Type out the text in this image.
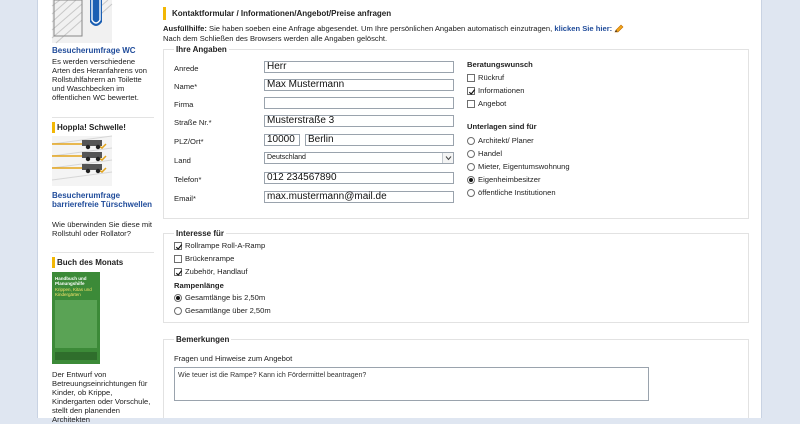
Besucherumfrage WC
Es werden verschiedene Arten des Heranfahrens von Rollstuhlfahrern an Toilette und Waschbecken im öffentlichen WC bewertet.
Hoppla! Schwelle!
Besucherumfrage barrierefreie Türschwellen
Wie überwinden Sie diese mit Rollstuhl oder Rollator?
Buch des Monats
Handbuch und Planungshilfe
Krippen, Kitas und Kindergärten
Der Entwurf von Betreuungseinrichtungen für Kinder, ob Krippe, Kindergarten oder Vorschule, stellt den planenden Architekten
Kontaktformular / Informationen/Angebot/Preise anfragen
Ausfüllhilfe: Sie haben soeben eine Anfrage abgesendet. Um Ihre persönlichen Angaben automatisch einzutragen, klicken Sie hier:
Nach dem Schließen des Browsers werden alle Angaben gelöscht.
Ihre Angaben
Anrede	Herr
Name*	Max Mustermann
Firma
Straße Nr.*	Musterstraße 3
PLZ/Ort*	10000	Berlin
Land	Deutschland
Telefon*	012 234567890
Email*	max.mustermann@mail.de
Beratungswunsch
Rückruf
Informationen
Angebot
Unterlagen sind für
Architekt/ Planer
Handel
Mieter, Eigentumswohnung
Eigenheimbesitzer
öffentliche Institutionen
Interesse für
Rollrampe Roll-A-Ramp
Brückenrampe
Zubehör, Handlauf
Rampenlänge
Gesamtlänge bis 2,50m
Gesamtlänge über 2,50m
Bemerkungen
Fragen und Hinweise zum Angebot
Wie teuer ist die Rampe? Kann ich Fördermittel beantragen?
